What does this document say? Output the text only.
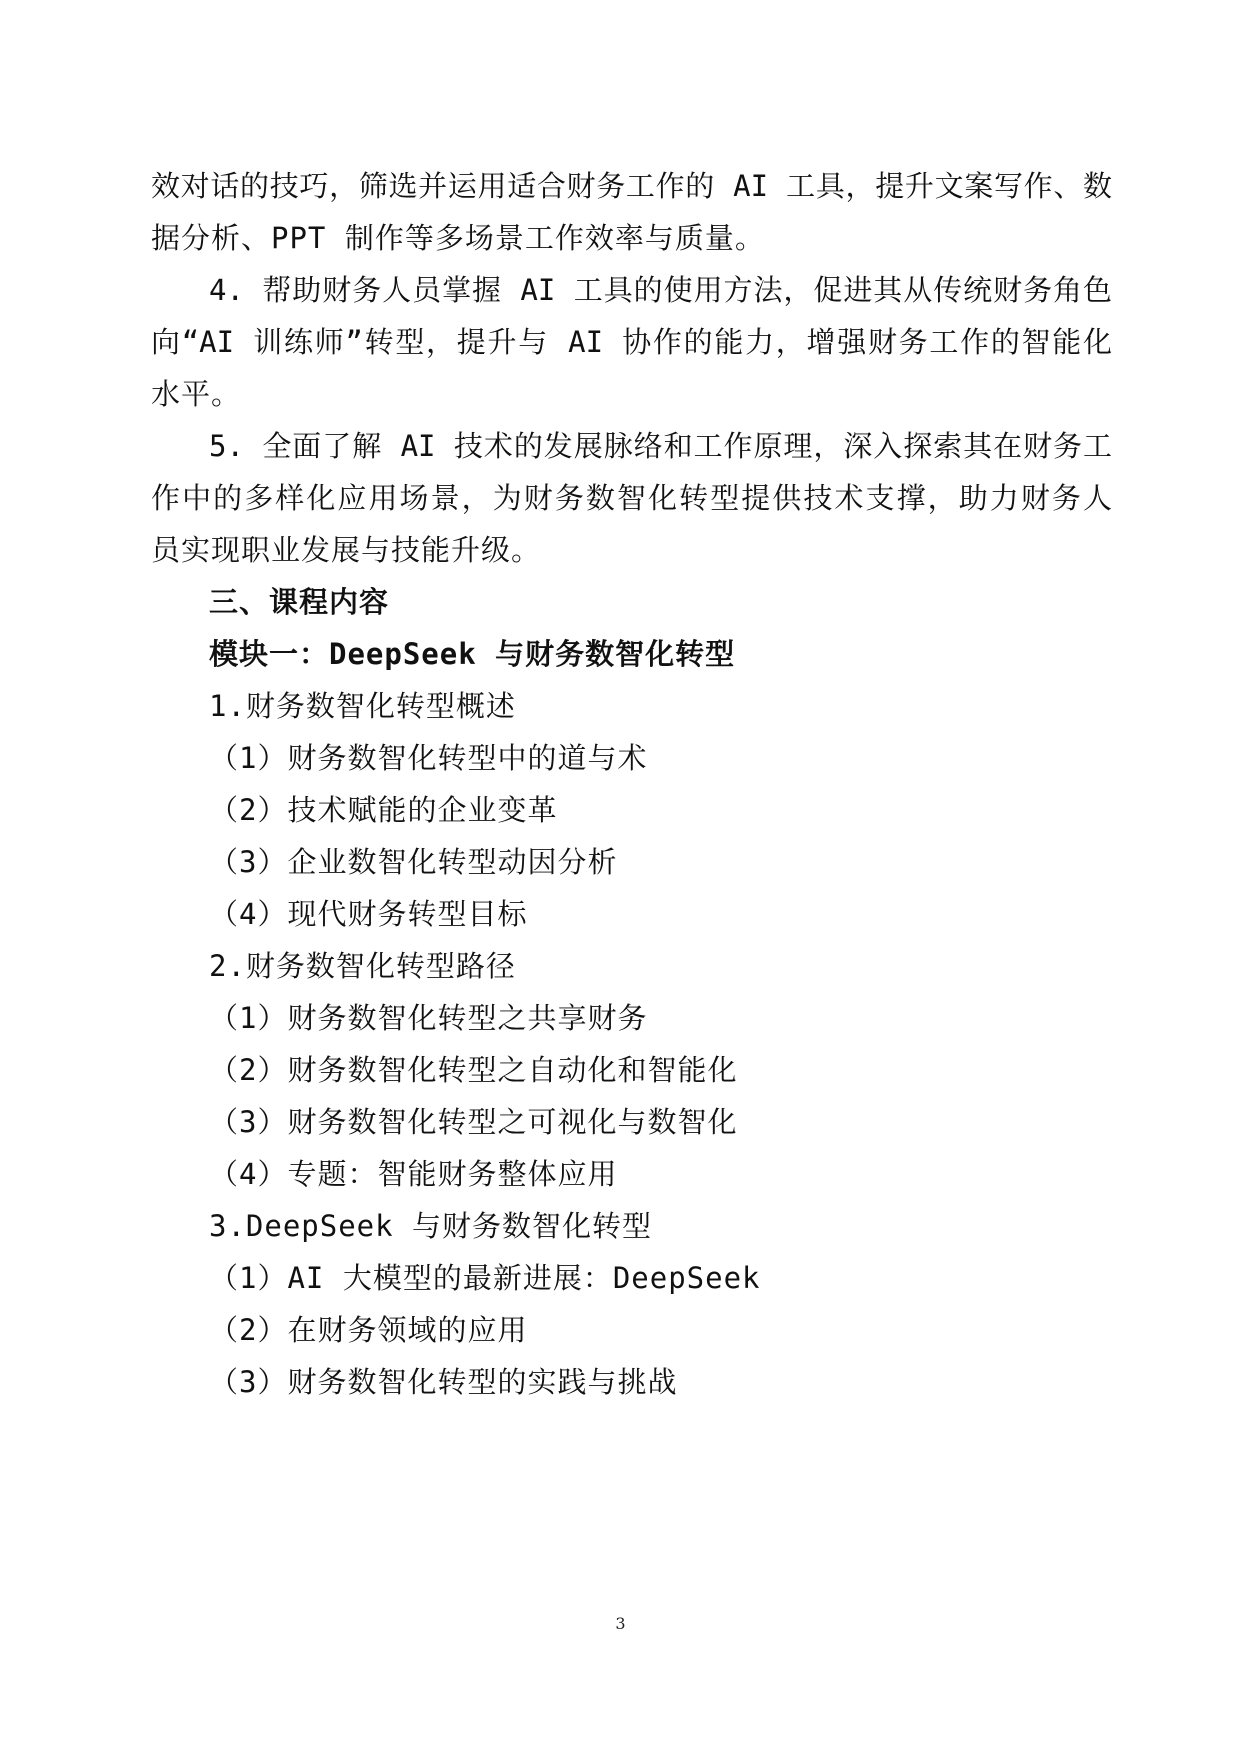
效对话的技巧，筛选并运用适合财务工作的 AI 工具，提升文案写作、数
据分析、PPT 制作等多场景工作效率与质量。
4. 帮助财务人员掌握 AI 工具的使用方法，促进其从传统财务角色
向“AI 训练师”转型，提升与 AI 协作的能力，增强财务工作的智能化
水平。
5. 全面了解 AI 技术的发展脉络和工作原理，深入探索其在财务工
作中的多样化应用场景，为财务数智化转型提供技术支撑，助力财务人
员实现职业发展与技能升级。
三、课程内容
模块一：DeepSeek 与财务数智化转型
1.财务数智化转型概述
（1）财务数智化转型中的道与术
（2）技术赋能的企业变革
（3）企业数智化转型动因分析
（4）现代财务转型目标
2.财务数智化转型路径
（1）财务数智化转型之共享财务
（2）财务数智化转型之自动化和智能化
（3）财务数智化转型之可视化与数智化
（4）专题：智能财务整体应用
3.DeepSeek 与财务数智化转型
（1）AI 大模型的最新进展：DeepSeek
（2）在财务领域的应用
（3）财务数智化转型的实践与挑战
3
